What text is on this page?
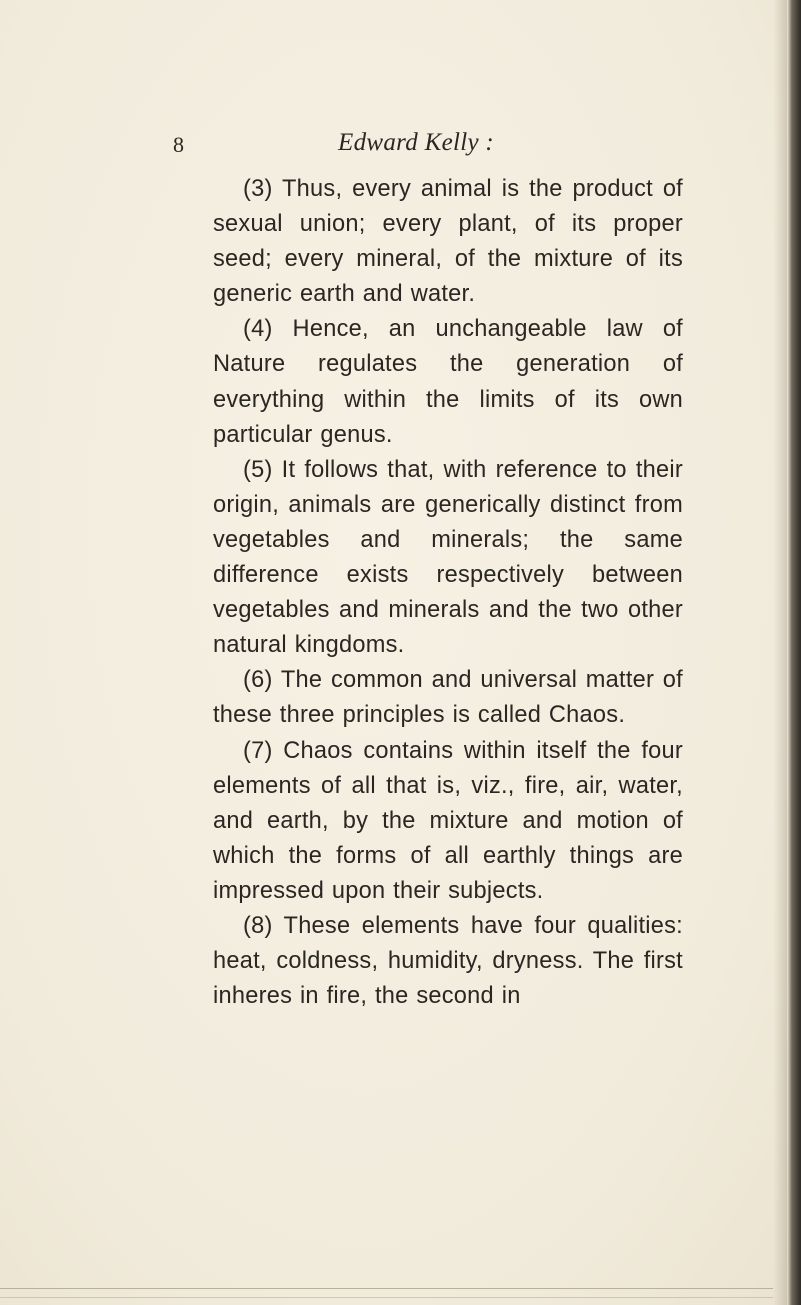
8	Edward Kelly :

(3) Thus, every animal is the product of sexual union; every plant, of its proper seed; every mineral, of the mixture of its generic earth and water.

(4) Hence, an unchangeable law of Nature regulates the generation of everything within the limits of its own particular genus.

(5) It follows that, with reference to their origin, animals are generically distinct from vegetables and minerals; the same difference exists respectively between vegetables and minerals and the two other natural kingdoms.

(6) The common and universal matter of these three principles is called Chaos.

(7) Chaos contains within itself the four elements of all that is, viz., fire, air, water, and earth, by the mixture and motion of which the forms of all earthly things are impressed upon their subjects.

(8) These elements have four qualities: heat, coldness, humidity, dryness. The first inheres in fire, the second in
